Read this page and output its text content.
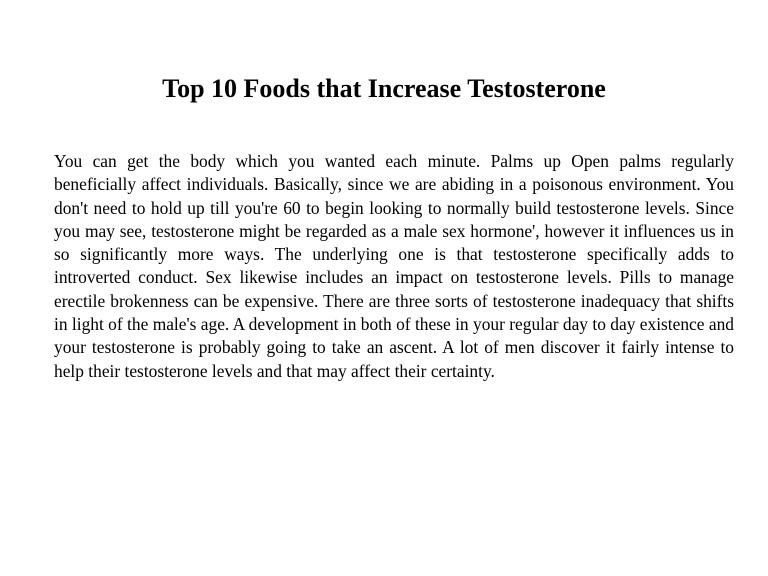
Top 10 Foods that Increase Testosterone

You can get the body which you wanted each minute. Palms up Open palms regularly beneficially affect individuals. Basically, since we are abiding in a poisonous environment. You don't need to hold up till you're 60 to begin looking to normally build testosterone levels. Since you may see, testosterone might be regarded as a male sex hormone', however it influences us in so significantly more ways. The underlying one is that testosterone specifically adds to introverted conduct. Sex likewise includes an impact on testosterone levels. Pills to manage erectile brokenness can be expensive. There are three sorts of testosterone inadequacy that shifts in light of the male's age. A development in both of these in your regular day to day existence and your testosterone is probably going to take an ascent. A lot of men discover it fairly intense to help their testosterone levels and that may affect their certainty.
